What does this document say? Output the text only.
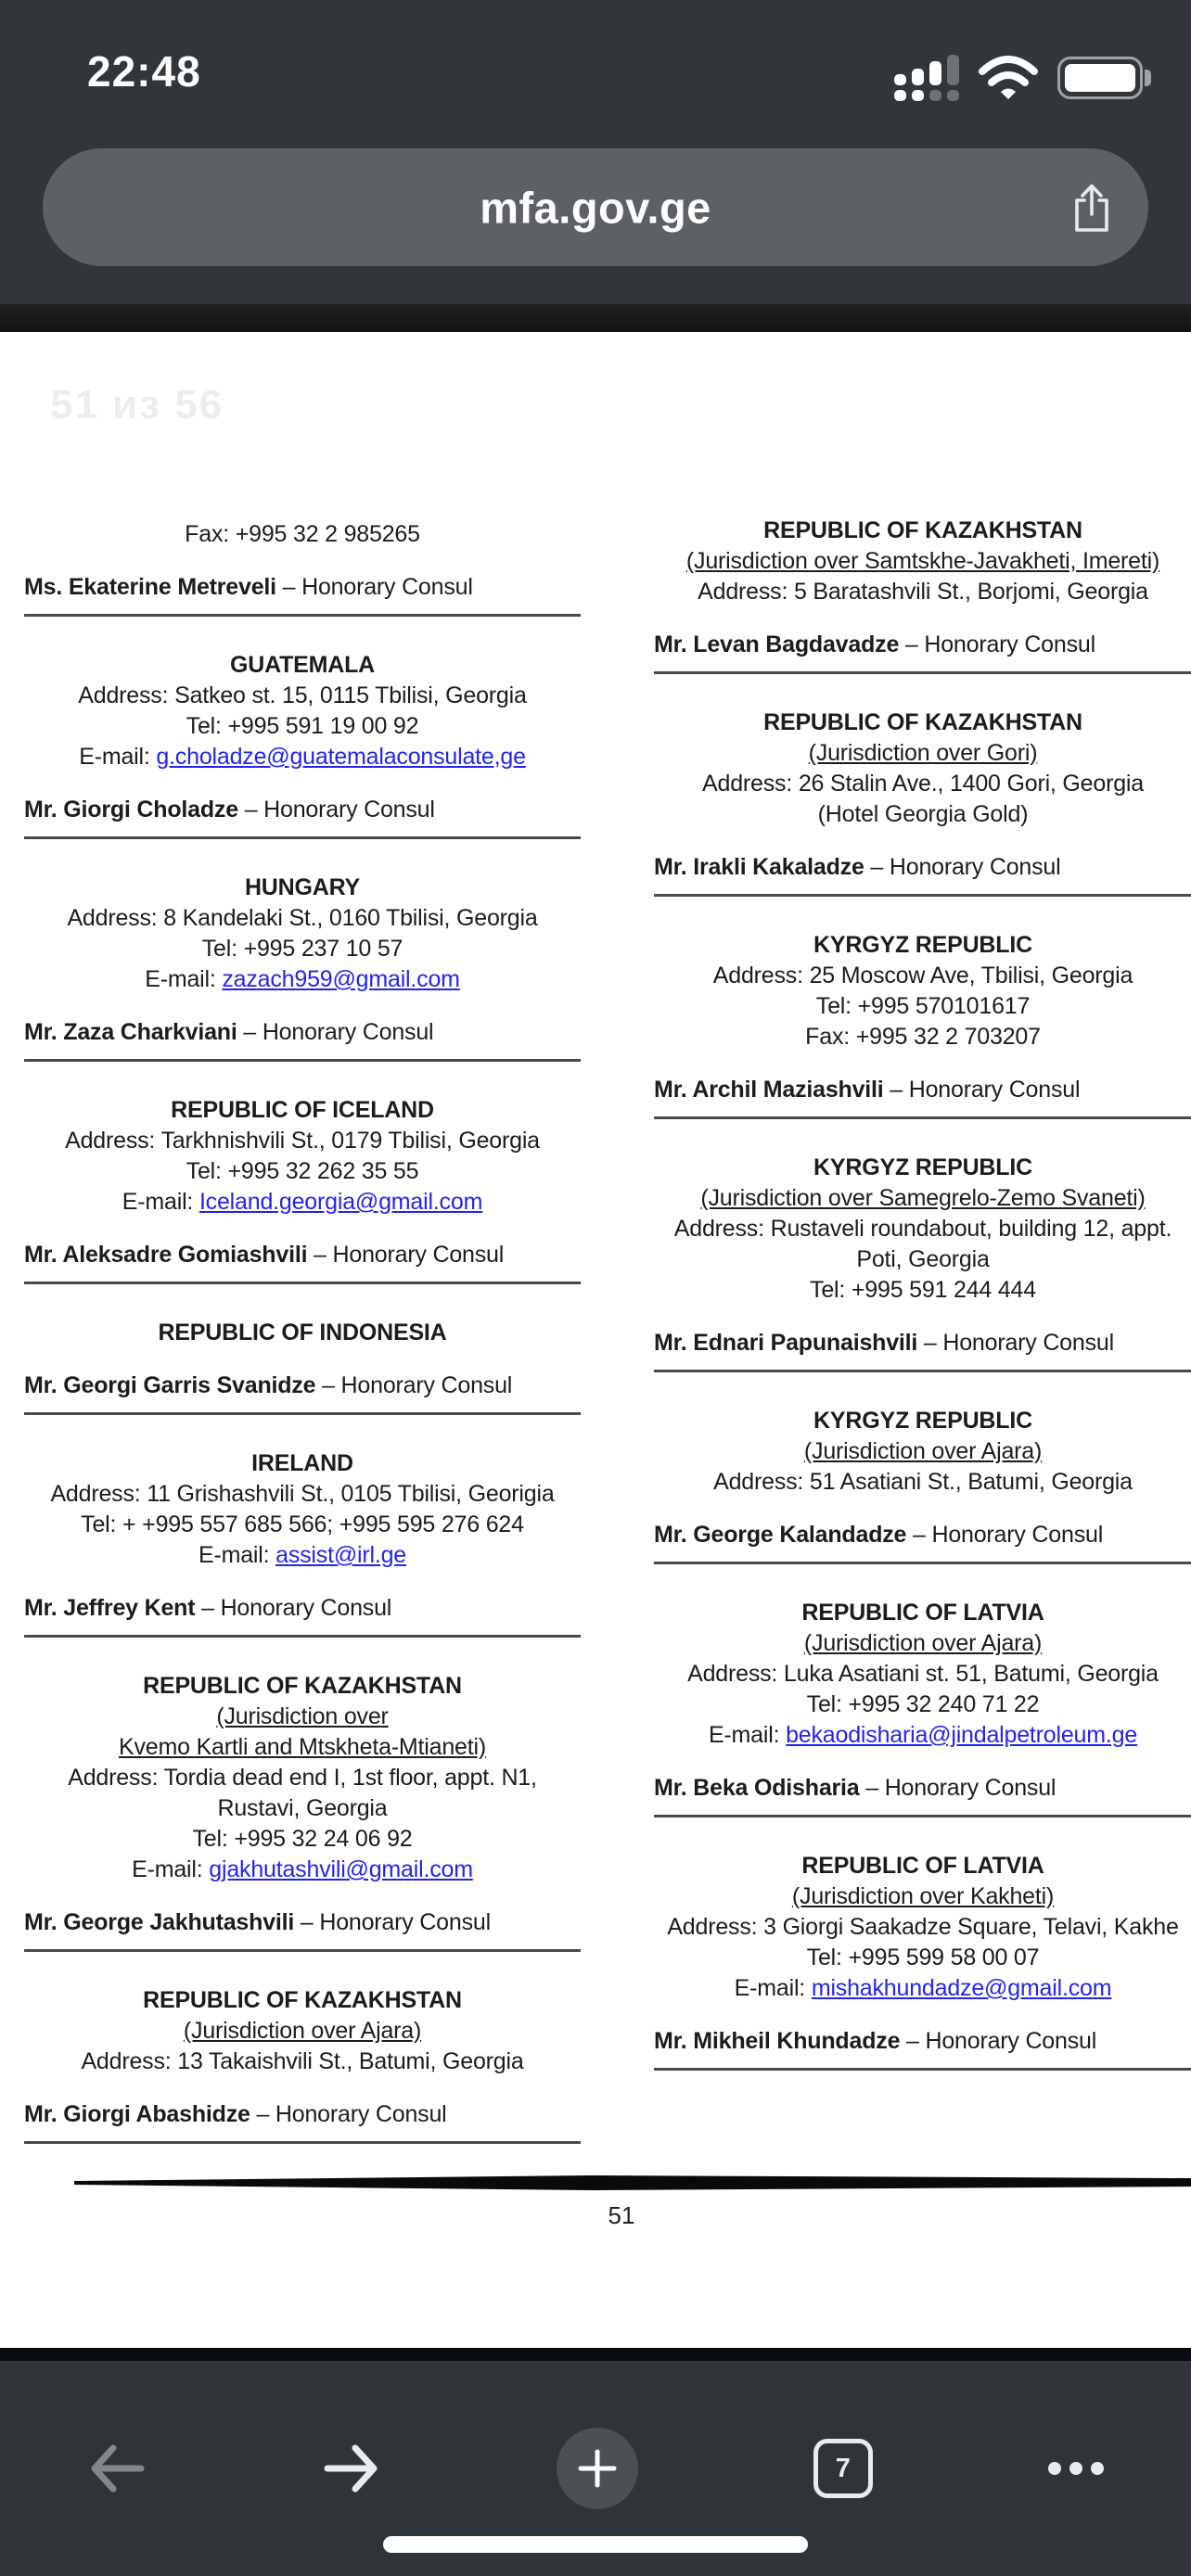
22:48
mfa.gov.ge
51 из 56
Fax: +995 32 2 985265
Ms. Ekaterine Metreveli – Honorary Consul
GUATEMALA
Address: Satkeo st. 15, 0115 Tbilisi, Georgia
Tel: +995 591 19 00 92
E-mail: g.choladze@guatemalaconsulate,ge
Mr. Giorgi Choladze – Honorary Consul
HUNGARY
Address: 8 Kandelaki St., 0160 Tbilisi, Georgia
Tel: +995 237 10 57
E-mail: zazach959@gmail.com
Mr. Zaza Charkviani – Honorary Consul
REPUBLIC OF ICELAND
Address: Tarkhnishvili St., 0179 Tbilisi, Georgia
Tel: +995 32 262 35 55
E-mail: Iceland.georgia@gmail.com
Mr. Aleksadre Gomiashvili – Honorary Consul
REPUBLIC OF INDONESIA
Mr. Georgi Garris Svanidze – Honorary Consul
IRELAND
Address: 11 Grishashvili St., 0105 Tbilisi, Georigia
Tel: + +995 557 685 566; +995 595 276 624
E-mail: assist@irl.ge
Mr. Jeffrey Kent – Honorary Consul
REPUBLIC OF KAZAKHSTAN
(Jurisdiction over
Kvemo Kartli and Mtskheta-Mtianeti)
Address: Tordia dead end I, 1st floor, appt. N1,
Rustavi, Georgia
Tel: +995 32 24 06 92
E-mail: gjakhutashvili@gmail.com
Mr. George Jakhutashvili – Honorary Consul
REPUBLIC OF KAZAKHSTAN
(Jurisdiction over Ajara)
Address: 13 Takaishvili St., Batumi, Georgia
Mr. Giorgi Abashidze – Honorary Consul
REPUBLIC OF KAZAKHSTAN
(Jurisdiction over Samtskhe-Javakheti, Imereti)
Address: 5 Baratashvili St., Borjomi, Georgia
Mr. Levan Bagdavadze – Honorary Consul
REPUBLIC OF KAZAKHSTAN
(Jurisdiction over Gori)
Address: 26 Stalin Ave., 1400 Gori, Georgia
(Hotel Georgia Gold)
Mr. Irakli Kakaladze – Honorary Consul
KYRGYZ REPUBLIC
Address: 25 Moscow Ave, Tbilisi, Georgia
Tel: +995 570101617
Fax: +995 32 2 703207
Mr. Archil Maziashvili – Honorary Consul
KYRGYZ REPUBLIC
(Jurisdiction over Samegrelo-Zemo Svaneti)
Address: Rustaveli roundabout, building 12, appt.
Poti, Georgia
Tel: +995 591 244 444
Mr. Ednari Papunaishvili – Honorary Consul
KYRGYZ REPUBLIC
(Jurisdiction over Ajara)
Address: 51 Asatiani St., Batumi, Georgia
Mr. George Kalandadze – Honorary Consul
REPUBLIC OF LATVIA
(Jurisdiction over Ajara)
Address: Luka Asatiani st. 51, Batumi, Georgia
Tel: +995 32 240 71 22
E-mail: bekaodisharia@jindalpetroleum.ge
Mr. Beka Odisharia – Honorary Consul
REPUBLIC OF LATVIA
(Jurisdiction over Kakheti)
Address: 3 Giorgi Saakadze Square, Telavi, Kakhe
Tel: +995 599 58 00 07
E-mail: mishakhundadze@gmail.com
Mr. Mikheil Khundadze – Honorary Consul
51
7
